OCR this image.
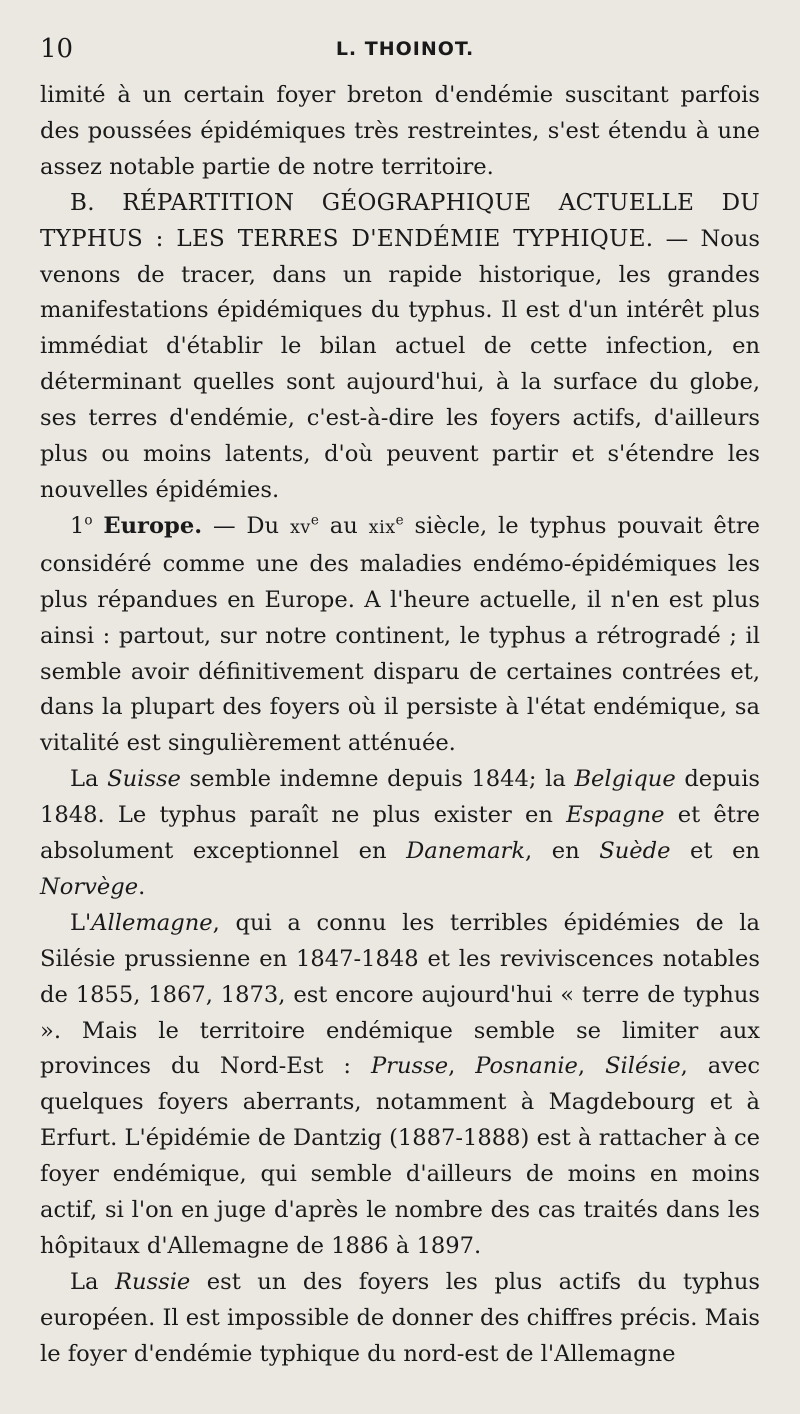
10	L. THOINOT.

limité à un certain foyer breton d'endémie suscitant parfois des poussées épidémiques très restreintes, s'est étendu à une assez notable partie de notre territoire.

B. RÉPARTITION GÉOGRAPHIQUE ACTUELLE DU TYPHUS : LES TERRES D'ENDÉMIE TYPHIQUE. — Nous venons de tracer, dans un rapide historique, les grandes manifestations épidémiques du typhus. Il est d'un intérêt plus immédiat d'établir le bilan actuel de cette infection, en déterminant quelles sont aujourd'hui, à la surface du globe, ses terres d'endémie, c'est-à-dire les foyers actifs, d'ailleurs plus ou moins latents, d'où peuvent partir et s'étendre les nouvelles épidémies.

1$^o$ Europe. — Du $xv^e$ au xix$^e$ siècle, le typhus pouvait être considéré comme une des maladies endémo-épidémiques les plus répandues en Europe. A l'heure actuelle, il n'en est plus ainsi : partout, sur notre continent, le typhus a rétrogradé ; il semble avoir définitivement disparu de certaines contrées et, dans la plupart des foyers où il persiste à l'état endémique, sa vitalité est singulièrement atténuée.

La Suisse semble indemne depuis 1844; la Belgique depuis 1848. Le typhus paraît ne plus exister en Espagne et être absolument exceptionnel en Danemark, en Suède et en Norvège.

L'Allemagne, qui a connu les terribles épidémies de la Silésie prussienne en 1847-1848 et les reviviscences notables de 1855, 1867, 1873, est encore aujourd'hui « terre de typhus ». Mais le territoire endémique semble se limiter aux provinces du Nord-Est : Prusse, Posnanie, Silésie, avec quelques foyers aberrants, notamment à Magdebourg et à Erfurt. L'épidémie de Dantzig (1887-1888) est à rattacher à ce foyer endémique, qui semble d'ailleurs de moins en moins actif, si l'on en juge d'après le nombre des cas traités dans les hôpitaux d'Allemagne de 1886 à 1897.

La Russie est un des foyers les plus actifs du typhus européen. Il est impossible de donner des chiffres précis. Mais le foyer d'endémie typhique du nord-est de l'Allemagne
